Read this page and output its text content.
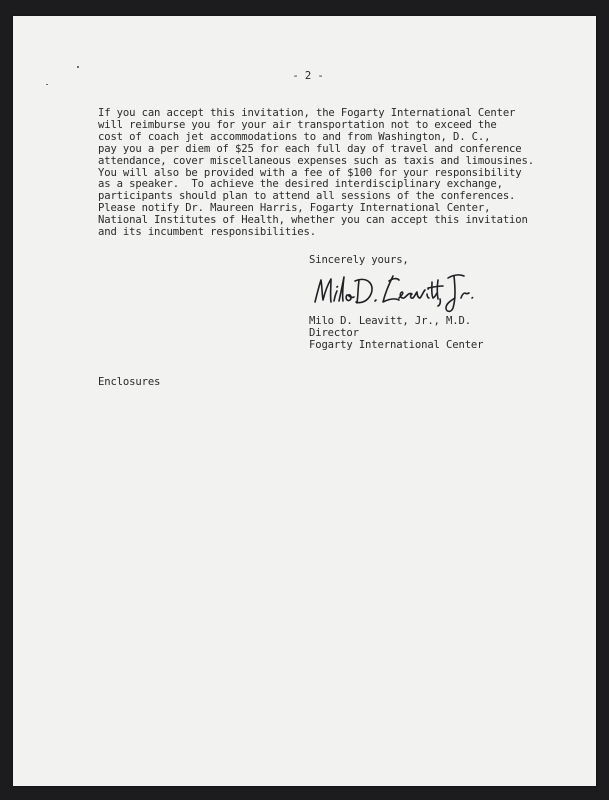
- 2 -
If you can accept this invitation, the Fogarty International Center
will reimburse you for your air transportation not to exceed the
cost of coach jet accommodations to and from Washington, D. C.,
pay you a per diem of $25 for each full day of travel and conference
attendance, cover miscellaneous expenses such as taxis and limousines.
You will also be provided with a fee of $100 for your responsibility
as a speaker.  To achieve the desired interdisciplinary exchange,
participants should plan to attend all sessions of the conferences.
Please notify Dr. Maureen Harris, Fogarty International Center,
National Institutes of Health, whether you can accept this invitation
and its incumbent responsibilities.
Sincerely yours,
Milo D. Leavitt, Jr., M.D.
Director
Fogarty International Center
Enclosures
